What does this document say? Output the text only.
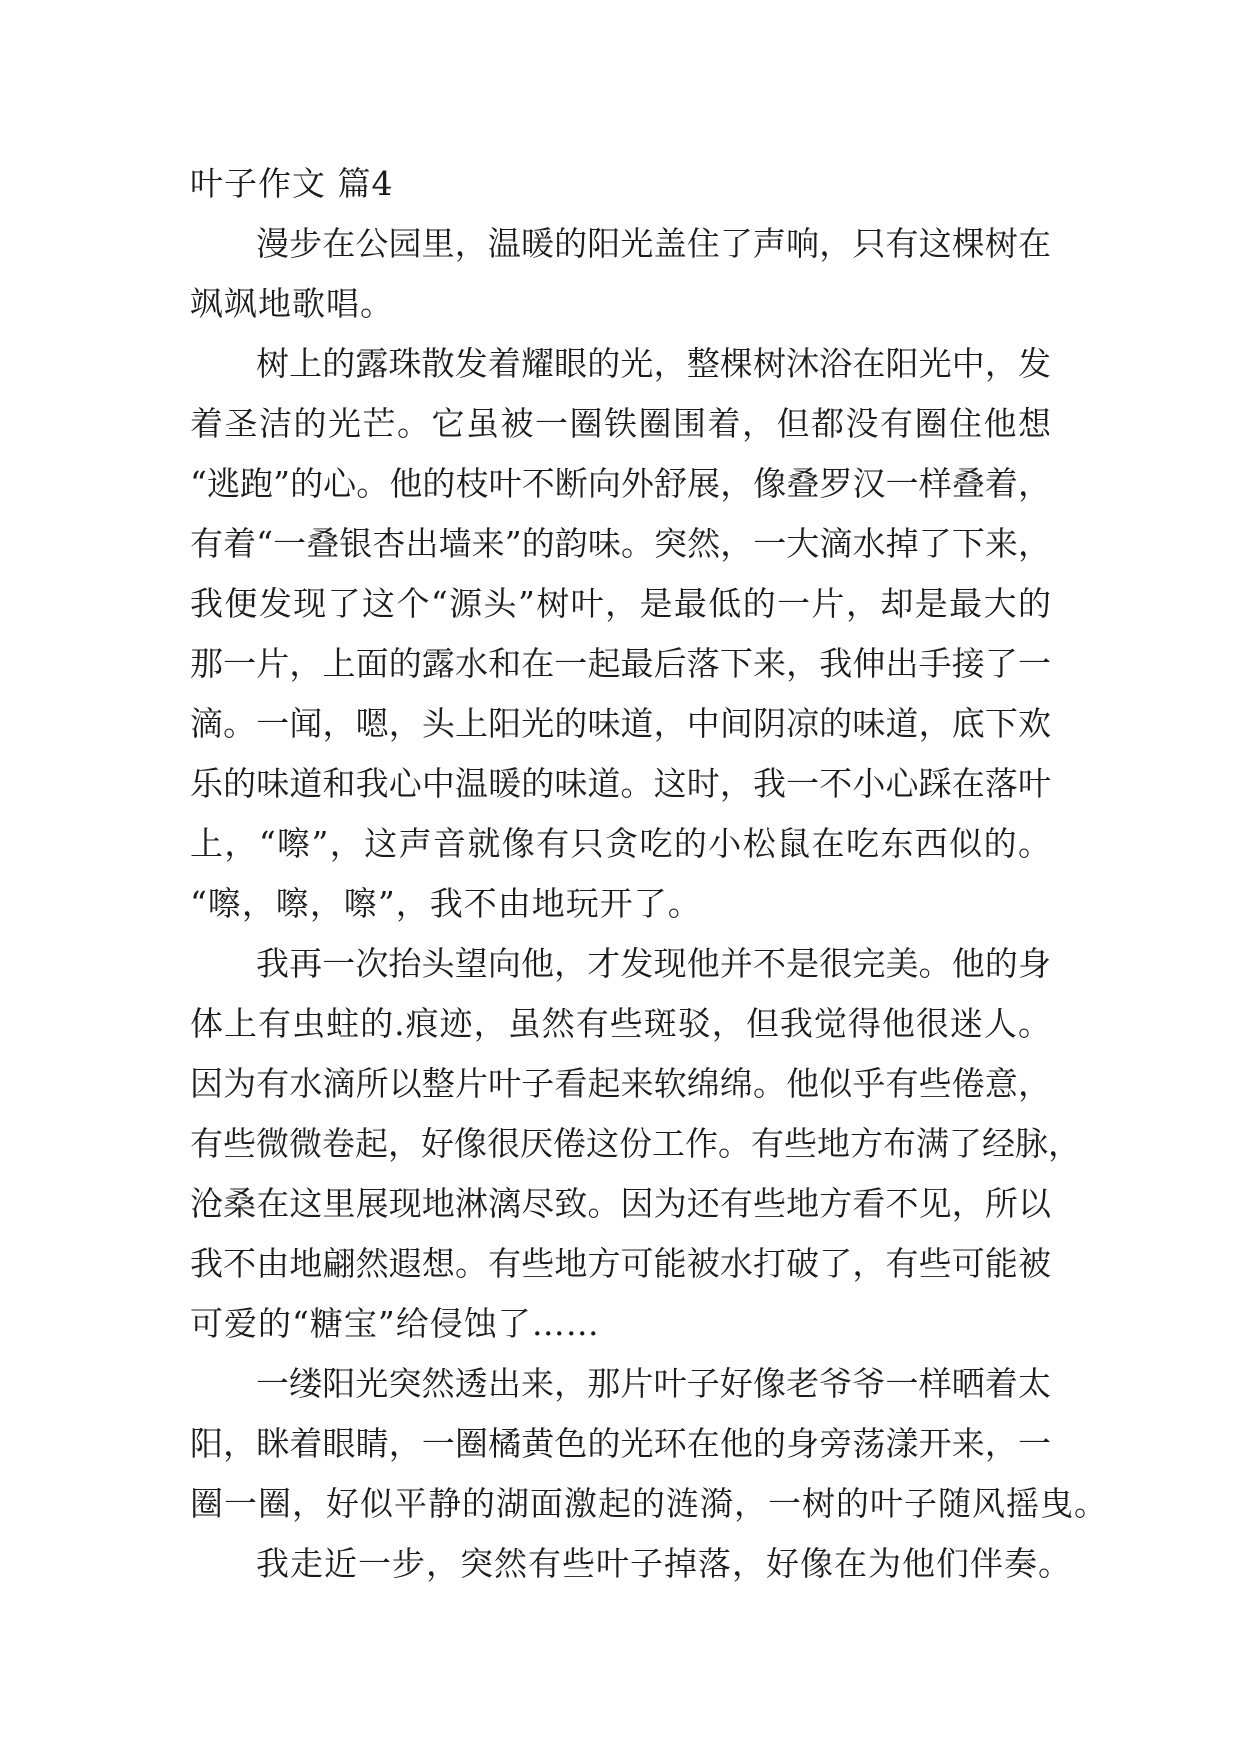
叶子作文 篇4
漫步在公园里，温暖的阳光盖住了声响，只有这棵树在
飒飒地歌唱。
树上的露珠散发着耀眼的光，整棵树沐浴在阳光中，发
着圣洁的光芒。它虽被一圈铁圈围着，但都没有圈住他想
“逃跑”的心。他的枝叶不断向外舒展，像叠罗汉一样叠着，
有着“一叠银杏出墙来”的韵味。突然，一大滴水掉了下来，
我便发现了这个“源头”树叶，是最低的一片，却是最大的
那一片，上面的露水和在一起最后落下来，我伸出手接了一
滴。一闻，嗯，头上阳光的味道，中间阴凉的味道，底下欢
乐的味道和我心中温暖的味道。这时，我一不小心踩在落叶
上，“嚓”，这声音就像有只贪吃的小松鼠在吃东西似的。
“嚓，嚓，嚓”，我不由地玩开了。
我再一次抬头望向他，才发现他并不是很完美。他的身
体上有虫蛀的.痕迹，虽然有些斑驳，但我觉得他很迷人。
因为有水滴所以整片叶子看起来软绵绵。他似乎有些倦意，
有些微微卷起，好像很厌倦这份工作。有些地方布满了经脉，
沧桑在这里展现地淋漓尽致。因为还有些地方看不见，所以
我不由地翩然遐想。有些地方可能被水打破了，有些可能被
可爱的“糖宝”给侵蚀了……
一缕阳光突然透出来，那片叶子好像老爷爷一样晒着太
阳，眯着眼睛，一圈橘黄色的光环在他的身旁荡漾开来，一
圈一圈，好似平静的湖面激起的涟漪，一树的叶子随风摇曳。
我走近一步，突然有些叶子掉落，好像在为他们伴奏。
